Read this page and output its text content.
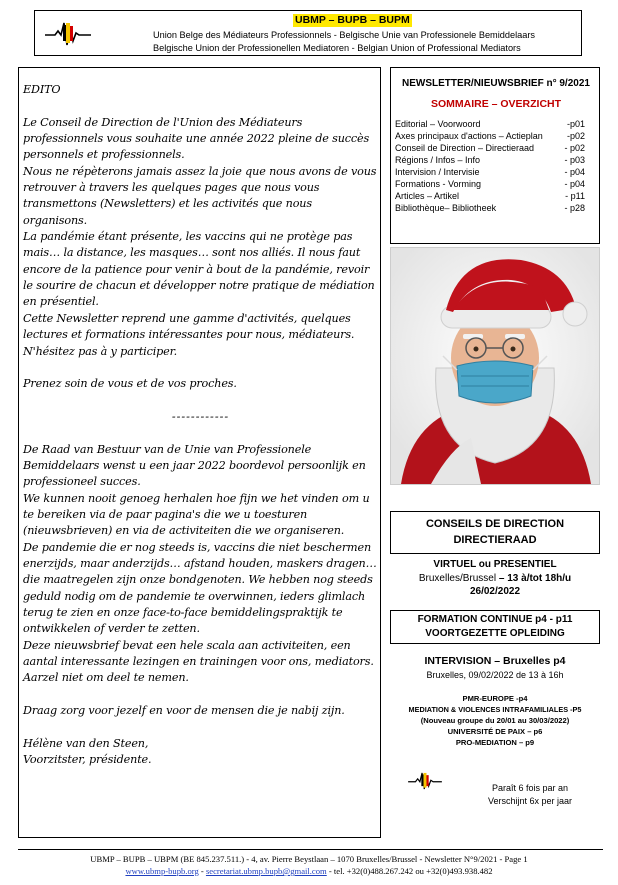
UBMP – BUPB – BUPM
Union Belge des Médiateurs Professionnels - Belgische Unie van Professionele Bemiddelaars
Belgische Union der Professionellen Mediatoren - Belgian Union of Professional Mediators

EDITO

Le Conseil de Direction de l'Union des Médiateurs professionnels vous souhaite une année 2022 pleine de succès personnels et professionnels.

Nous ne répèterons jamais assez la joie que nous avons de vous retrouver à travers les quelques pages que nous vous transmettons (Newsletters) et les activités que nous organisons.

La pandémie étant présente, les vaccins qui ne protège pas mais… la distance, les masques… sont nos alliés. Il nous faut encore de la patience pour venir à bout de la pandémie, revoir le sourire de chacun et développer notre pratique de médiation en présentiel.

Cette Newsletter reprend une gamme d'activités, quelques lectures et formations intéressantes pour nous, médiateurs. N'hésitez pas à y participer.

Prenez soin de vous et de vos proches.

------------

De Raad van Bestuur van de Unie van Professionele Bemiddelaars wenst u een jaar 2022 boordevol persoonlijk en professioneel succes.

We kunnen nooit genoeg herhalen hoe fijn we het vinden om u te bereiken via de paar pagina's die we u toesturen (nieuwsbrieven) en via de activiteiten die we organiseren.

De pandemie die er nog steeds is, vaccins die niet beschermen enerzijds, maar anderzijds… afstand houden, maskers dragen… die maatregelen zijn onze bondgenoten. We hebben nog steeds geduld nodig om de pandemie te overwinnen, ieders glimlach terug te zien en onze face-to-face bemiddelingspraktijk te ontwikkelen of verder te zetten.

Deze nieuwsbrief bevat een hele scala aan activiteiten, een aantal interessante lezingen en trainingen voor ons, mediators. Aarzel niet om deel te nemen.

Draag zorg voor jezelf en voor de mensen die je nabij zijn.

Hélène van den Steen,

Voorzitster, présidente.

NEWSLETTER/NIEUWSBRIEF n° 9/2021
SOMMAIRE – OVERZICHT
Editorial – Voorwoord	-p01
Axes principaux d'actions – Actieplan	-p02
Conseil de Direction – Directieraad	- p02
Régions / Infos – Info	- p03
Intervision / Intervisie	- p04
Formations - Vorming	- p04
Articles – Artikel	- p11
Bibliothèque– Bibliotheek	- p28
CONSEILS DE DIRECTION
DIRECTIERAAD
VIRTUEL ou PRESENTIEL
Bruxelles/Brussel – 13 à/tot 18h/u
26/02/2022
FORMATION CONTINUE p4 - p11
VOORTGEZETTE OPLEIDING
INTERVISION – Bruxelles p4
Bruxelles, 09/02/2022 de 13 à 16h
PMR-EUROPE -p4
MEDIATION & VIOLENCES INTRAFAMILIALES -P5
(Nouveau groupe du 20/01 au 30/03/2022)
UNIVERSITÉ DE PAIX – p6
PRO-MEDIATION – p9
Paraît 6 fois par an
Verschijnt 6x per jaar
UBMP – BUPB – UBPM (BE 845.237.511.) - 4, av. Pierre Beystlaan – 1070 Bruxelles/Brussel - Newsletter N°9/2021 - Page 1
www.ubmp-bupb.org - secretariat.ubmp.bupb@gmail.com - tel. +32(0)488.267.242 ou +32(0)493.938.482
